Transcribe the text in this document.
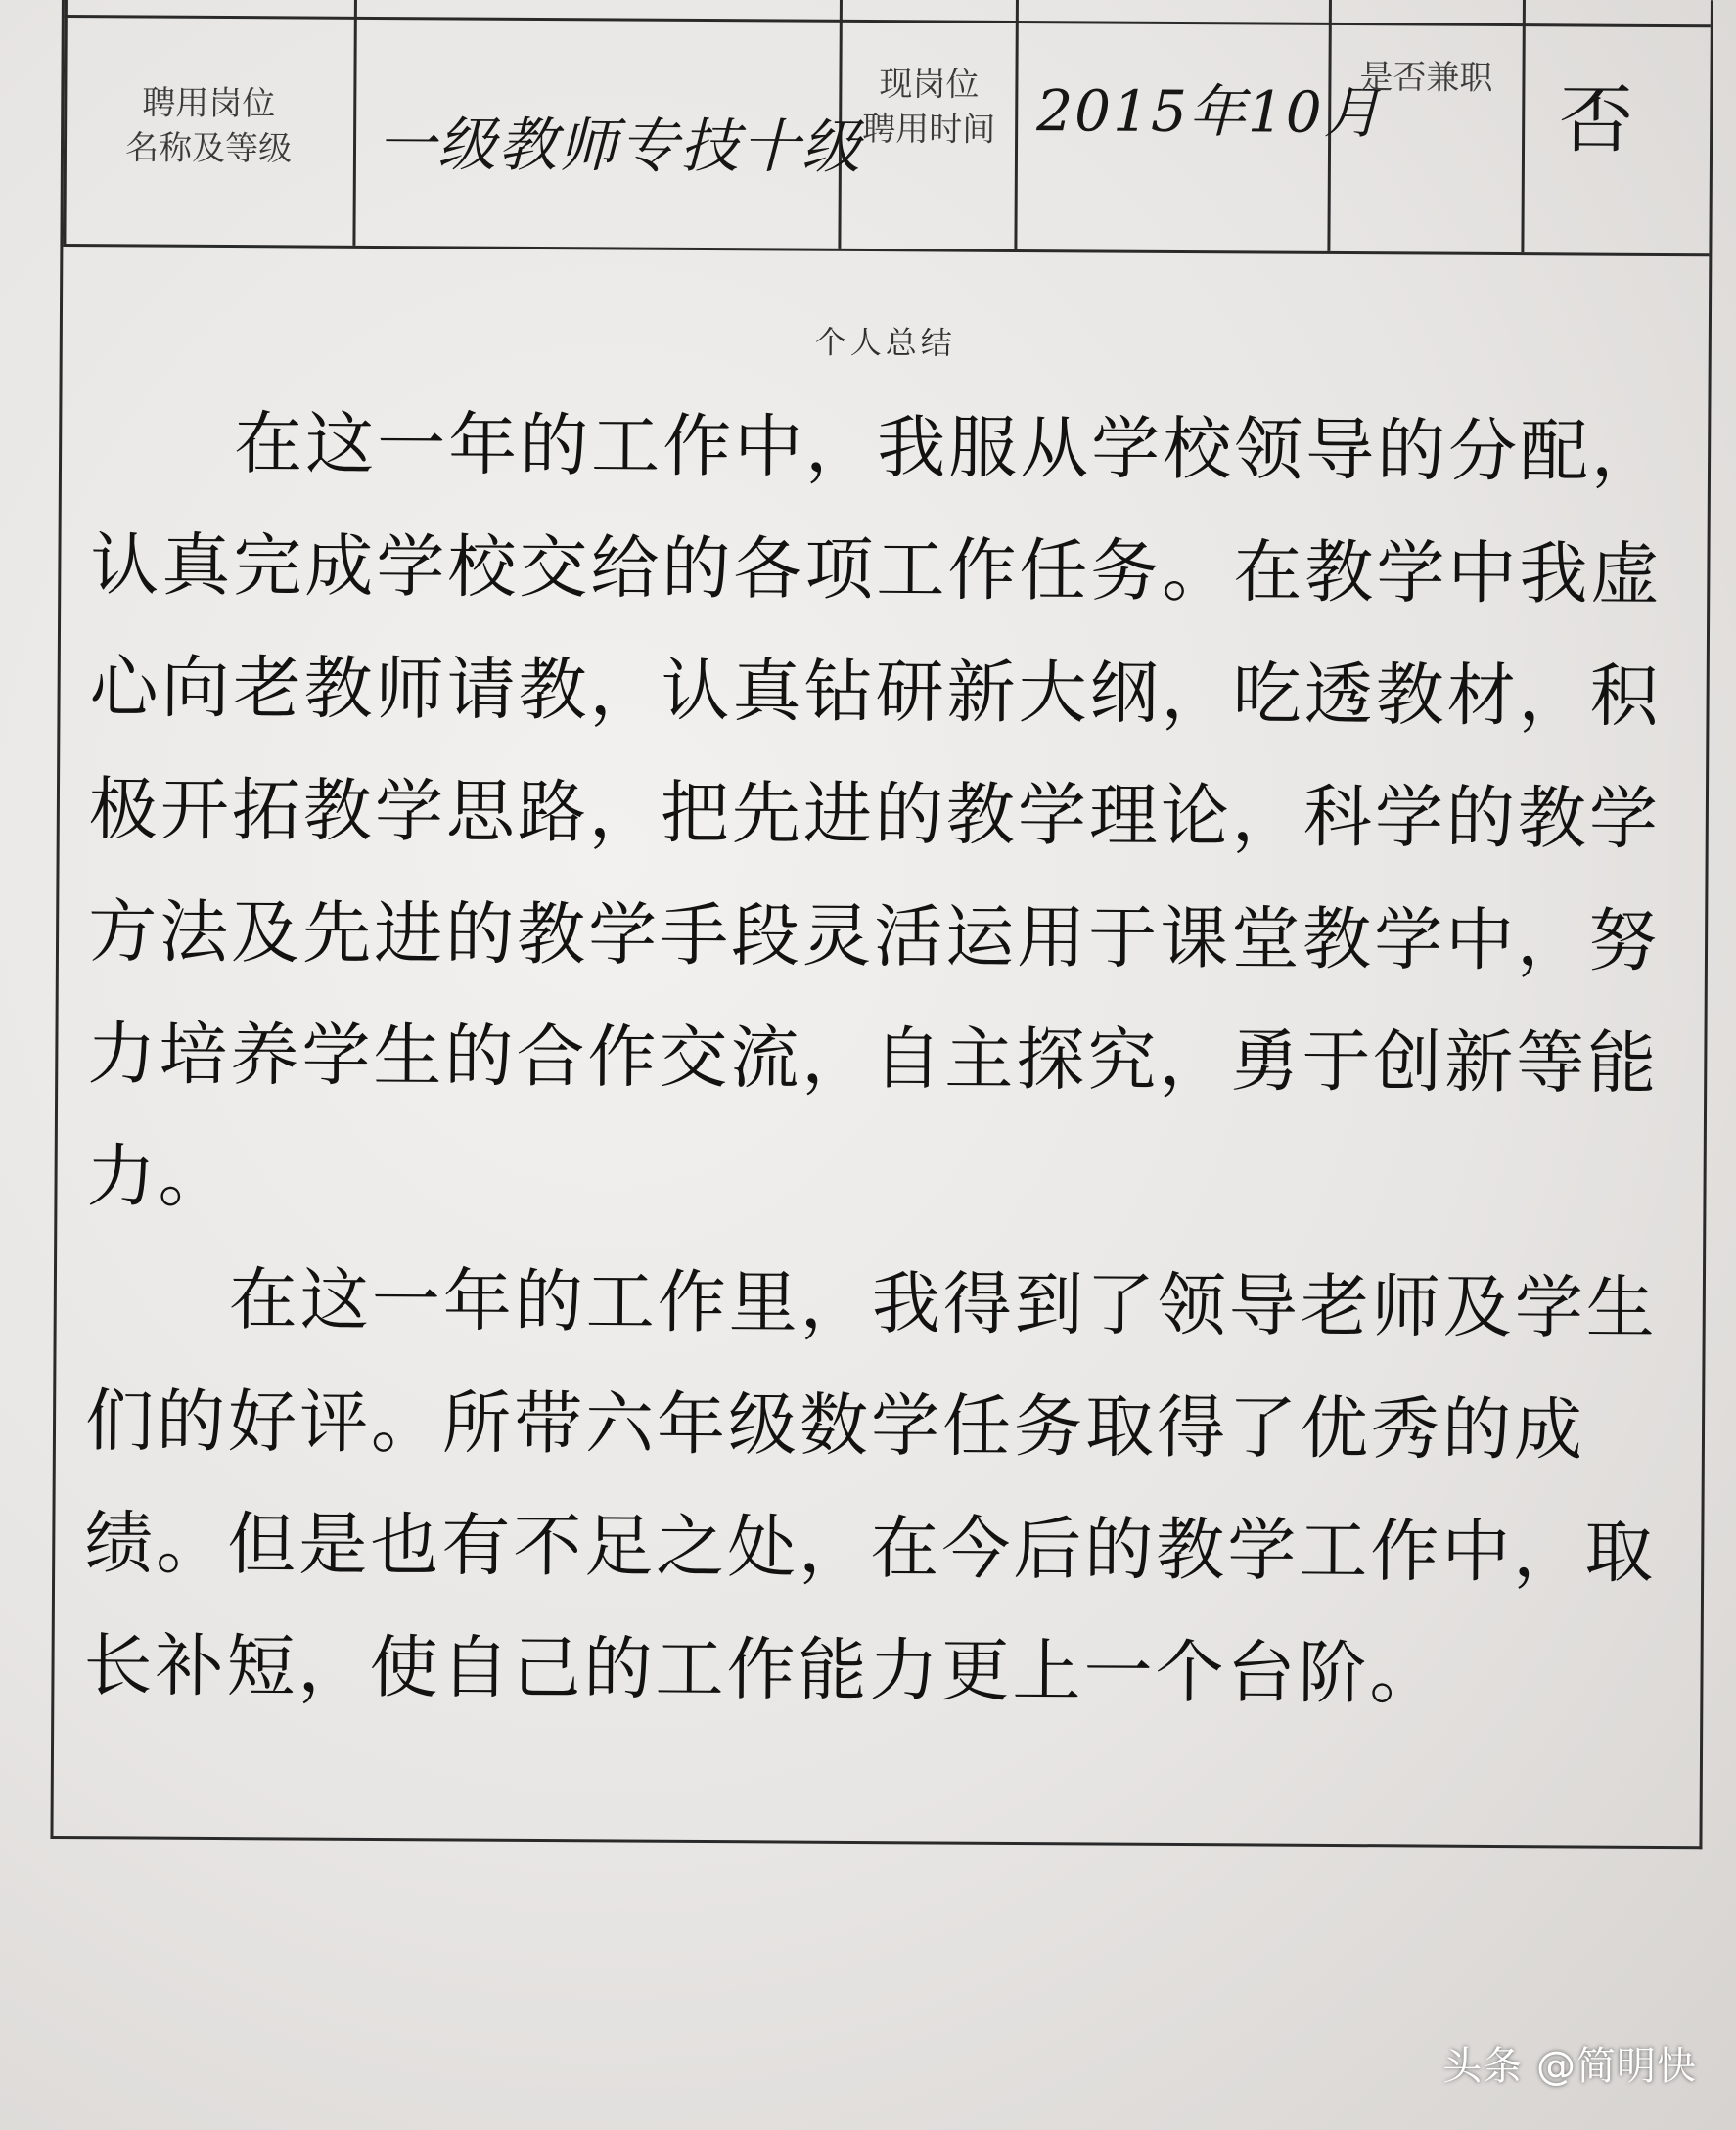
聘用岗位
名称及等级	一级教师专技十级
现岗位
聘用时间 2015年10月
是否兼职 否
个人总结

　　在这一年的工作中，我服从学校领导的分配，认真完成学校交给的各项工作任务。在教学中我虚心向老教师请教，认真钻研新大纲，吃透教材，积极开拓教学思路，把先进的教学理论，科学的教学方法及先进的教学手段灵活运用于课堂教学中，努力培养学生的合作交流，自主探究，勇于创新等能力。

　　在这一年的工作里，我得到了领导老师及学生们的好评。所带六年级数学任务取得了优秀的成绩。但是也有不足之处，在今后的教学工作中，取长补短，使自己的工作能力更上一个台阶。

头条 @简明快
